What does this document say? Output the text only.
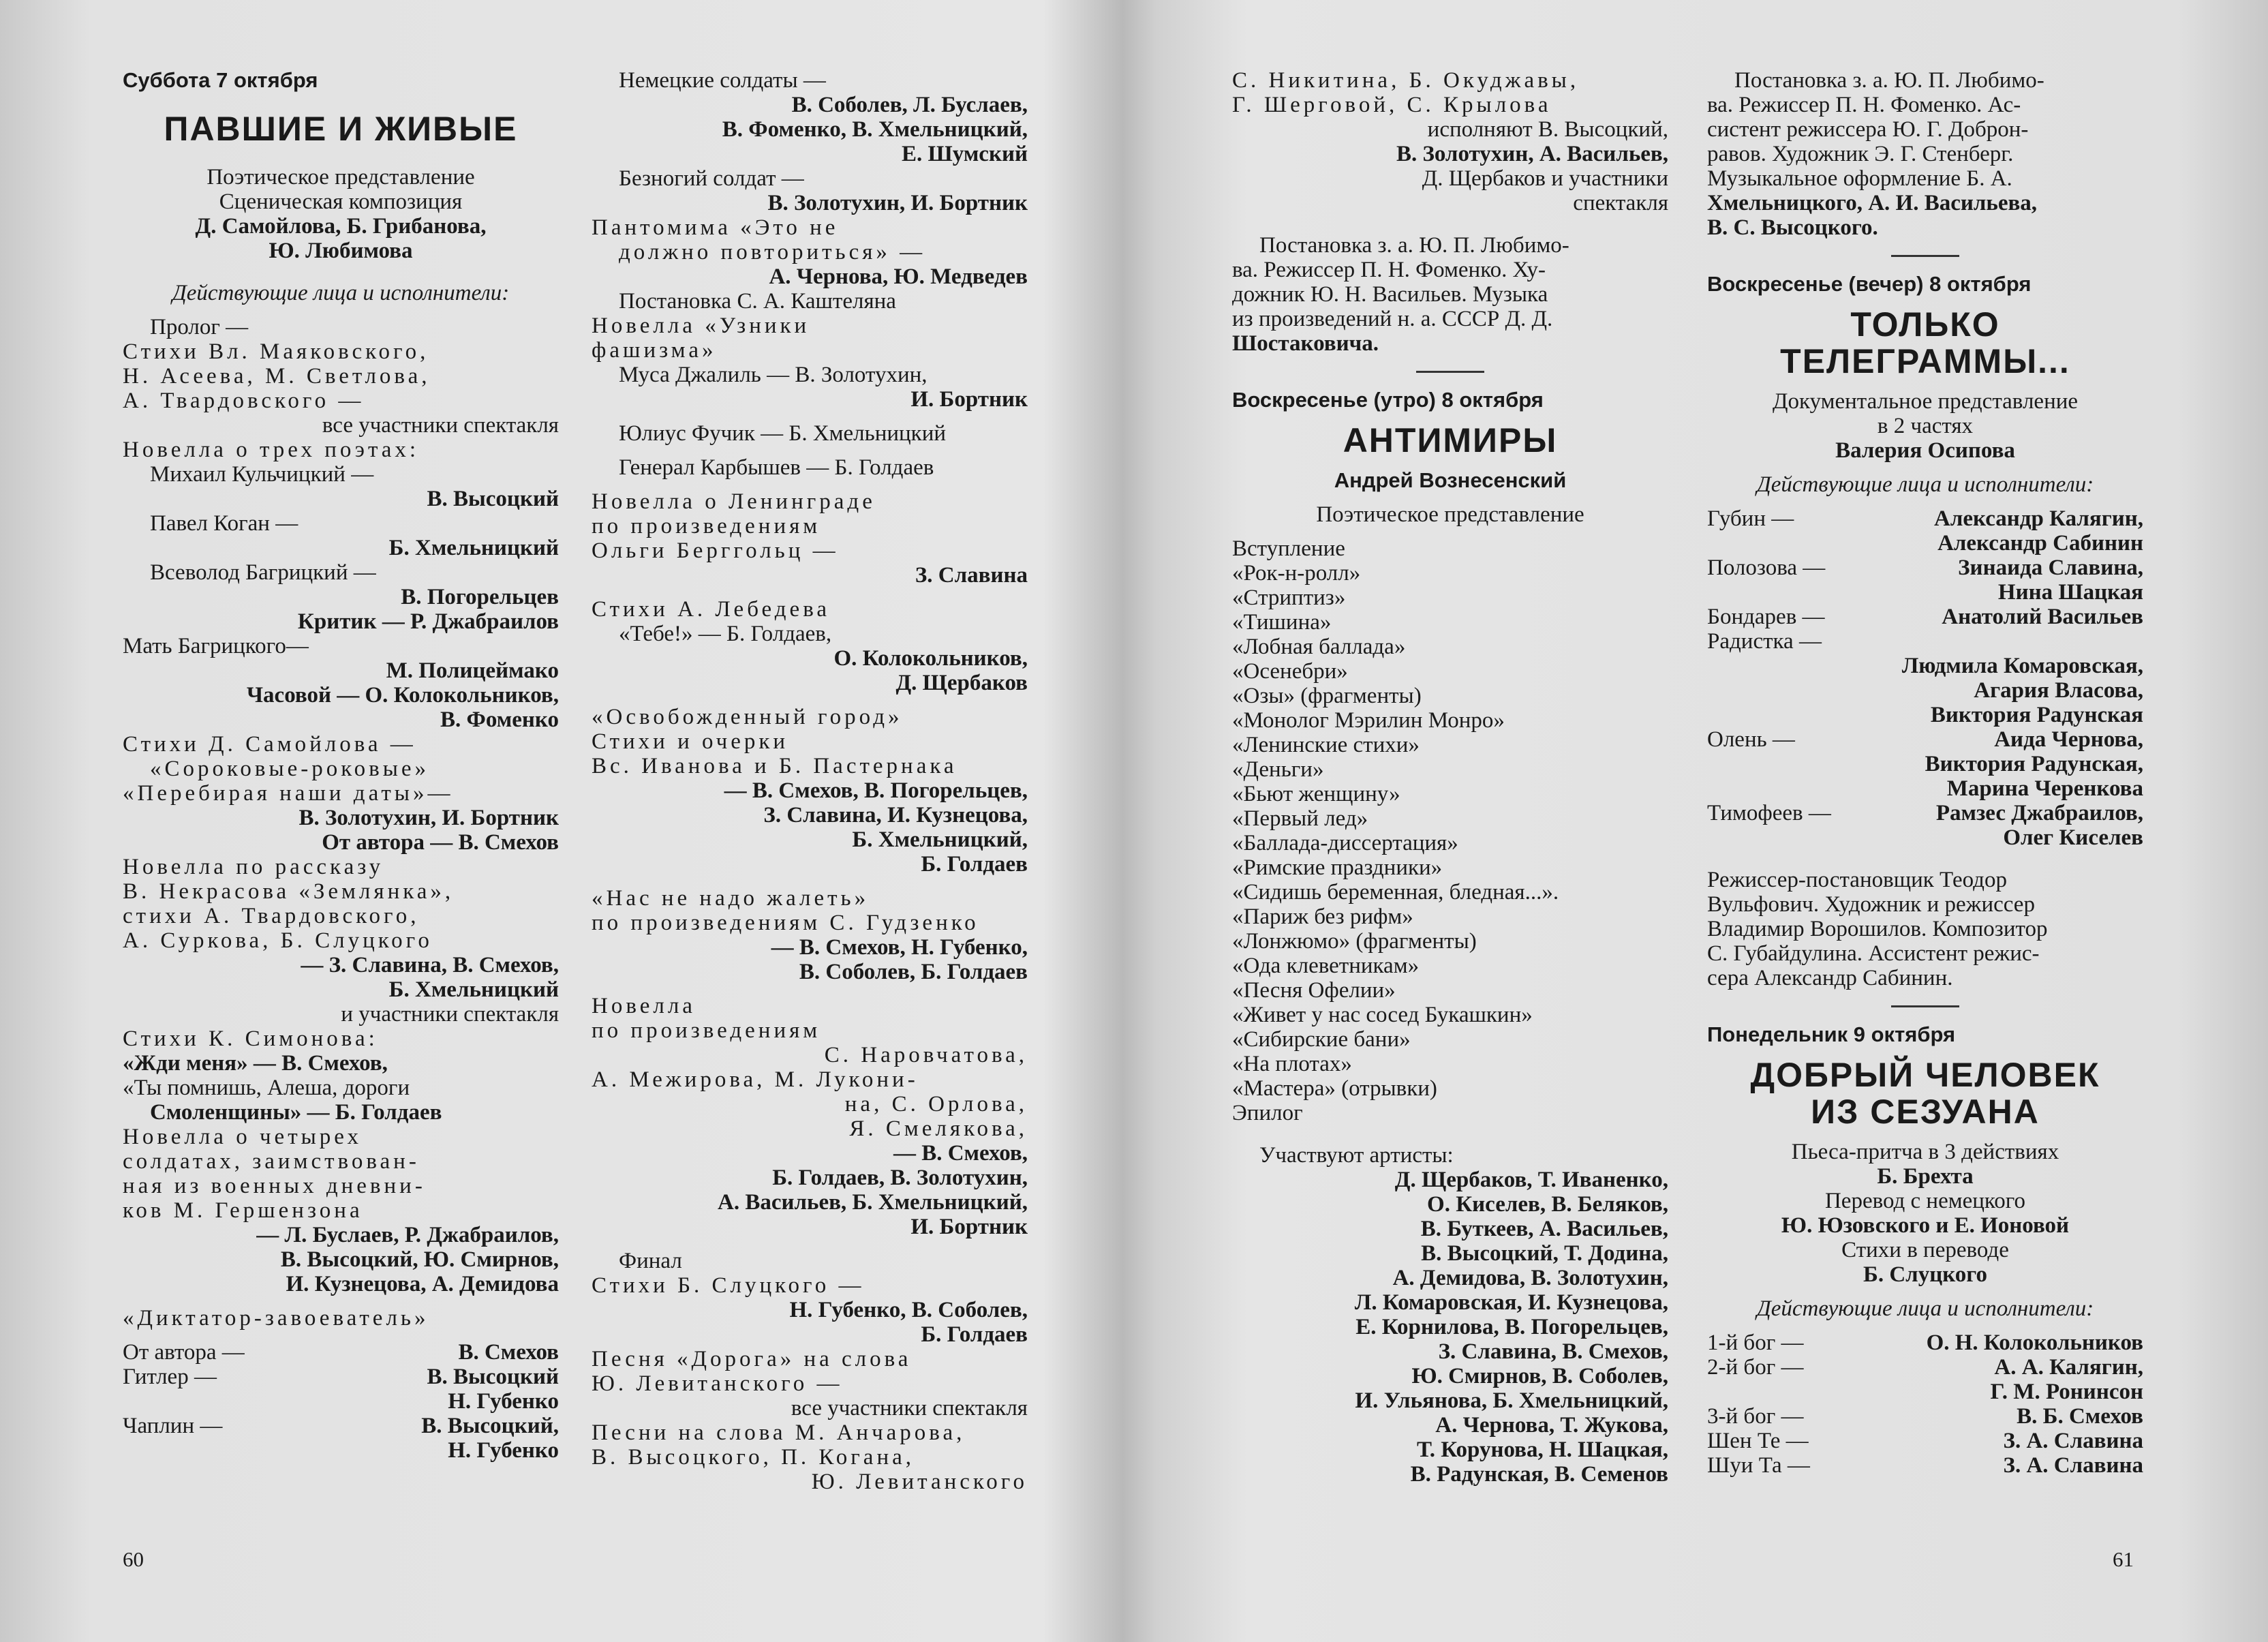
Суббота 7 октября
ПАВШИЕ И ЖИВЫЕ
Поэтическое представление
Сценическая композиция
Д. Самойлова, Б. Грибанова,
Ю. Любимова
Действующие лица и исполнители:
Пролог —
Стихи Вл. Маяковского,
Н. Асеева, М. Светлова,
А. Твардовского —
все участники спектакля
Новелла о трех поэтах:
Михаил Кульчицкий —
В. Высоцкий
Павел Коган —
Б. Хмельницкий
Всеволод Багрицкий —
В. Погорельцев
Критик — Р. Джабраилов
Мать Багрицкого—
М. Полицеймако
Часовой — О. Колокольников,
В. Фоменко
Стихи Д. Самойлова —
«Сороковые-роковые»
«Перебирая наши даты»—
В. Золотухин, И. Бортник
От автора — В. Смехов
Новелла по рассказу
В. Некрасова «Землянка»,
стихи А. Твардовского,
А. Суркова, Б. Слуцкого
— З. Славина, В. Смехов,
Б. Хмельницкий
и участники спектакля
Стихи К. Симонова:
«Жди меня» — В. Смехов,
«Ты помнишь, Алеша, дороги
Смоленщины» — Б. Голдаев
Новелла о четырех
солдатах, заимствован-
ная из военных дневни-
ков М. Гершензона
— Л. Буслаев, Р. Джабраилов,
В. Высоцкий, Ю. Смирнов,
И. Кузнецова, А. Демидова
«Диктатор-завоеватель»
От автора —	В. Смехов
Гитлер —	В. Высоцкий
Н. Губенко
Чаплин —	В. Высоцкий,
Н. Губенко
Немецкие солдаты —
В. Соболев, Л. Буслаев,
В. Фоменко, В. Хмельницкий,
Е. Шумский
Безногий солдат —
В. Золотухин, И. Бортник
Пантомима «Это не
должно повториться» —
А. Чернова, Ю. Медведев
Постановка С. А. Каштеляна
Новелла «Узники
фашизма»
Муса Джалиль — В. Золотухин,
И. Бортник
Юлиус Фучик — Б. Хмельницкий
Генерал Карбышев — Б. Голдаев
Новелла о Ленинграде
по произведениям
Ольги Берггольц —
З. Славина
Стихи А. Лебедева
«Тебе!» — Б. Голдаев,
О. Колокольников,
Д. Щербаков
«Освобожденный город»
Стихи и очерки
Вс. Иванова и Б. Пастернака
— В. Смехов, В. Погорельцев,
З. Славина, И. Кузнецова,
Б. Хмельницкий,
Б. Голдаев
«Нас не надо жалеть»
по произведениям С. Гудзенко
— В. Смехов, Н. Губенко,
В. Соболев, Б. Голдаев
Новелла
по произведениям
С. Наровчатова,
А. Межирова, М. Лукони-
на, С. Орлова,
Я. Смелякова,
— В. Смехов,
Б. Голдаев, В. Золотухин,
А. Васильев, Б. Хмельницкий,
И. Бортник
Финал
Стихи Б. Слуцкого —
Н. Губенко, В. Соболев,
Б. Голдаев
Песня «Дорога» на слова
Ю. Левитанского —
все участники спектакля
Песни на слова М. Анчарова,
В. Высоцкого, П. Когана,
Ю. Левитанского
60
С. Никитина, Б. Окуджавы,
Г. Шерговой, С. Крылова
исполняют В. Высоцкий,
В. Золотухин, А. Васильев,
Д. Щербаков и участники
спектакля
Постановка з. а. Ю. П. Любимо-
ва. Режиссер П. Н. Фоменко. Ху-
дожник Ю. Н. Васильев. Музыка
из произведений н. а. СССР Д. Д.
Шостаковича.
Воскресенье (утро) 8 октября
АНТИМИРЫ
Андрей Вознесенский
Поэтическое представление
Вступление
«Рок-н-ролл»
«Стриптиз»
«Тишина»
«Лобная баллада»
«Осенебри»
«Озы» (фрагменты)
«Монолог Мэрилин Монро»
«Ленинские стихи»
«Деньги»
«Бьют женщину»
«Первый лед»
«Баллада-диссертация»
«Римские праздники»
«Сидишь беременная, бледная...».
«Париж без рифм»
«Лонжюмо» (фрагменты)
«Ода клеветникам»
«Песня Офелии»
«Живет у нас сосед Букашкин»
«Сибирские бани»
«На плотах»
«Мастера» (отрывки)
Эпилог
Участвуют артисты:
Д. Щербаков, Т. Иваненко,
О. Киселев, В. Беляков,
В. Буткеев, А. Васильев,
В. Высоцкий, Т. Додина,
А. Демидова, В. Золотухин,
Л. Комаровская, И. Кузнецова,
Е. Корнилова, В. Погорельцев,
З. Славина, В. Смехов,
Ю. Смирнов, В. Соболев,
И. Ульянова, Б. Хмельницкий,
А. Чернова, Т. Жукова,
Т. Корунова, Н. Шацкая,
В. Радунская, В. Семенов
Постановка з. а. Ю. П. Любимо-
ва. Режиссер П. Н. Фоменко. Ас-
систент режиссера Ю. Г. Доброн-
равов. Художник Э. Г. Стенберг.
Музыкальное оформление Б. А.
Хмельницкого, А. И. Васильева,
В. С. Высоцкого.
Воскресенье (вечер) 8 октября
ТОЛЬКО
ТЕЛЕГРАММЫ...
Документальное представление
в 2 частях
Валерия Осипова
Действующие лица и исполнители:
Губин —	Александр Калягин,
Александр Сабинин
Полозова —	Зинаида Славина,
Нина Шацкая
Бондарев —	Анатолий Васильев
Радистка —
Людмила Комаровская,
Агария Власова,
Виктория Радунская
Олень —	Аида Чернова,
Виктория Радунская,
Марина Черенкова
Тимофеев —	Рамзес Джабраилов,
Олег Киселев
Режиссер-постановщик Теодор
Вульфович. Художник и режиссер
Владимир Ворошилов. Композитор
С. Губайдулина. Ассистент режис-
сера Александр Сабинин.
Понедельник 9 октября
ДОБРЫЙ ЧЕЛОВЕК
ИЗ СЕЗУАНА
Пьеса-притча в 3 действиях
Б. Брехта
Перевод с немецкого
Ю. Юзовского и Е. Ионовой
Стихи в переводе
Б. Слуцкого
Действующие лица и исполнители:
1-й бог —	О. Н. Колокольников
2-й бог —	А. А. Калягин,
Г. М. Ронинсон
3-й бог —	В. Б. Смехов
Шен Те —	З. А. Славина
Шуи Та —	З. А. Славина
61
